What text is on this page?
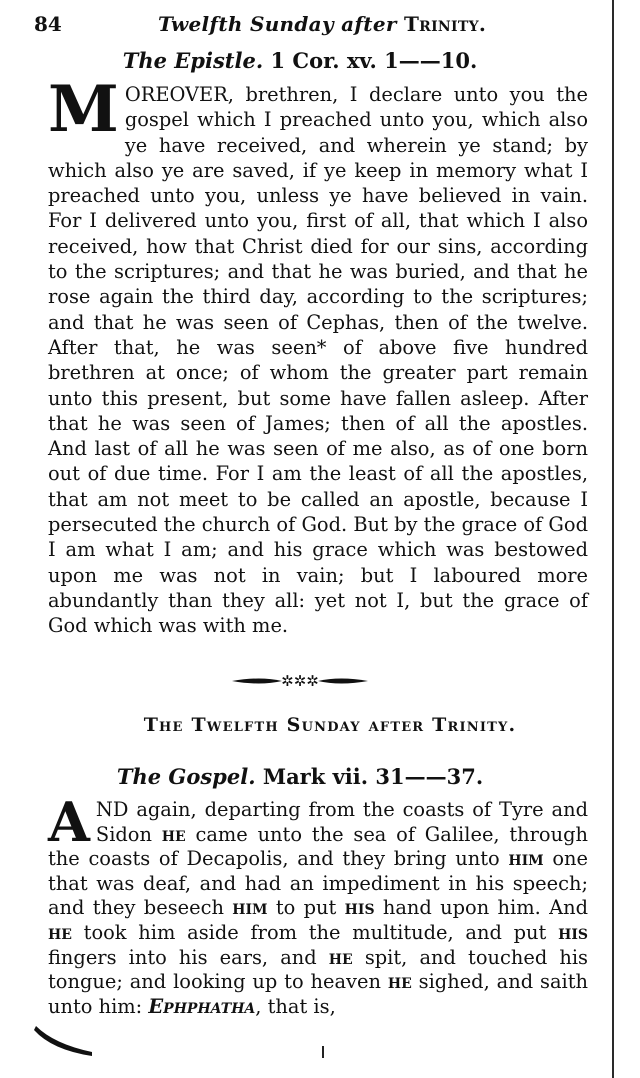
84	Twelfth Sunday after Trinity.
The Epistle. 1 Cor. xv. 1——10.
M OREOVER, brethren, I declare unto you the gospel which I preached unto you, which also ye have received, and wherein ye stand; by which also ye are saved, if ye keep in memory what I preached unto you, unless ye have believed in vain. For I delivered unto you, first of all, that which I also received, how that Christ died for our sins, according to the scriptures; and that he was buried, and that he rose again the third day, according to the scriptures; and that he was seen of Cephas, then of the twelve. After that, he was seen* of above five hundred brethren at once; of whom the greater part remain unto this present, but some have fallen asleep. After that he was seen of James; then of all the apostles. And last of all he was seen of me also, as of one born out of due time. For I am the least of all the apostles, that am not meet to be called an apostle, because I persecuted the church of God. But by the grace of God I am what I am; and his grace which was bestowed upon me was not in vain; but I laboured more abundantly than they all: yet not I, but the grace of God which was with me.
✲✲✲
The Twelfth Sunday after Trinity.
The Gospel. Mark vii. 31——37.
A ND again, departing from the coasts of Tyre and Sidon he came unto the sea of Galilee, through the coasts of Decapolis, and they bring unto him one that was deaf, and had an impediment in his speech; and they beseech him to put his hand upon him. And he took him aside from the multitude, and put his fingers into his ears, and he spit, and touched his tongue; and looking up to heaven he sighed, and saith unto him: Ephphatha, that is,
